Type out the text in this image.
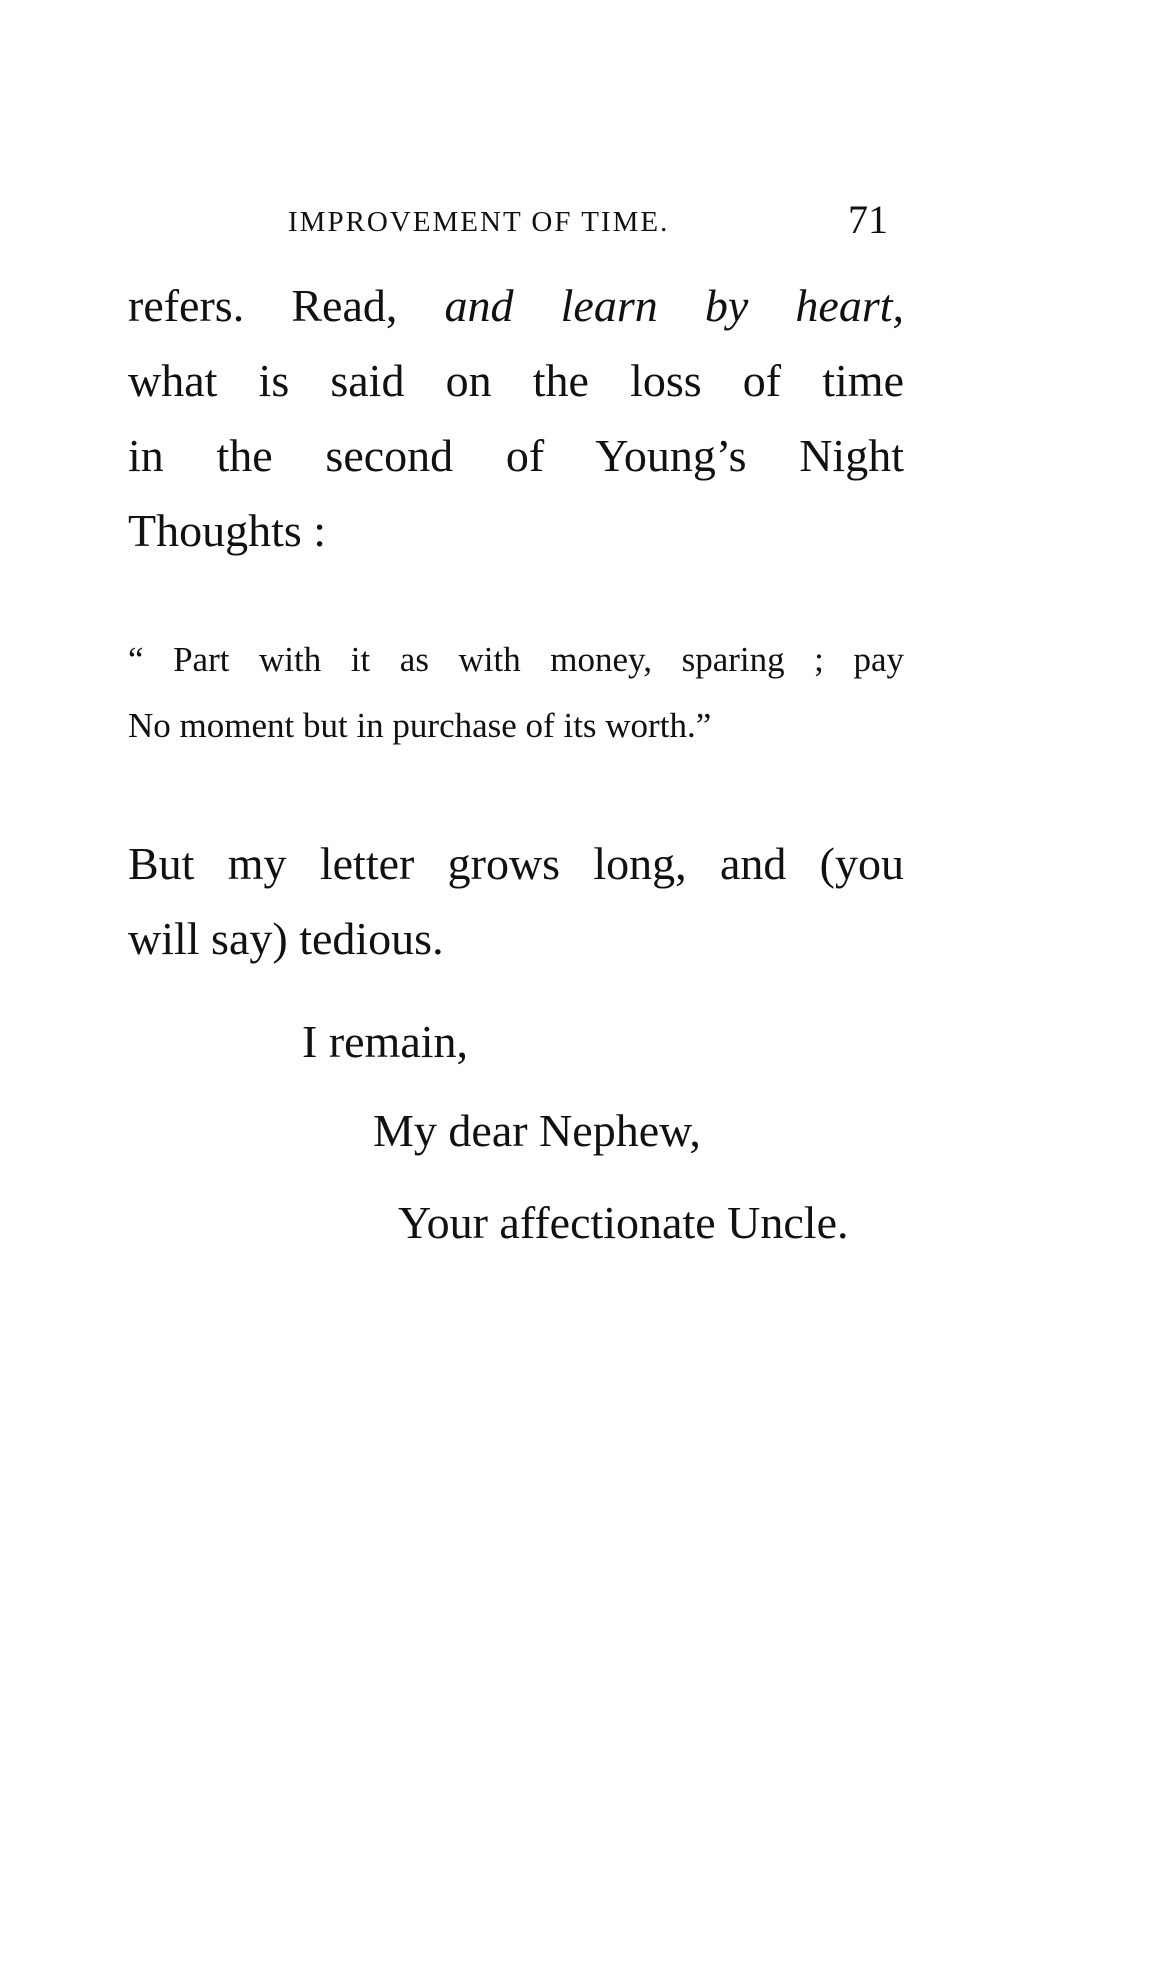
IMPROVEMENT OF TIME.	71
refers. Read, and learn by heart,
what is said on the loss of time
in the second of Young’s Night
Thoughts :
“ Part with it as with money, sparing ; pay
No moment but in purchase of its worth.”
But my letter grows long, and (you
will say) tedious.
I remain,
My dear Nephew,
Your affectionate Uncle.
